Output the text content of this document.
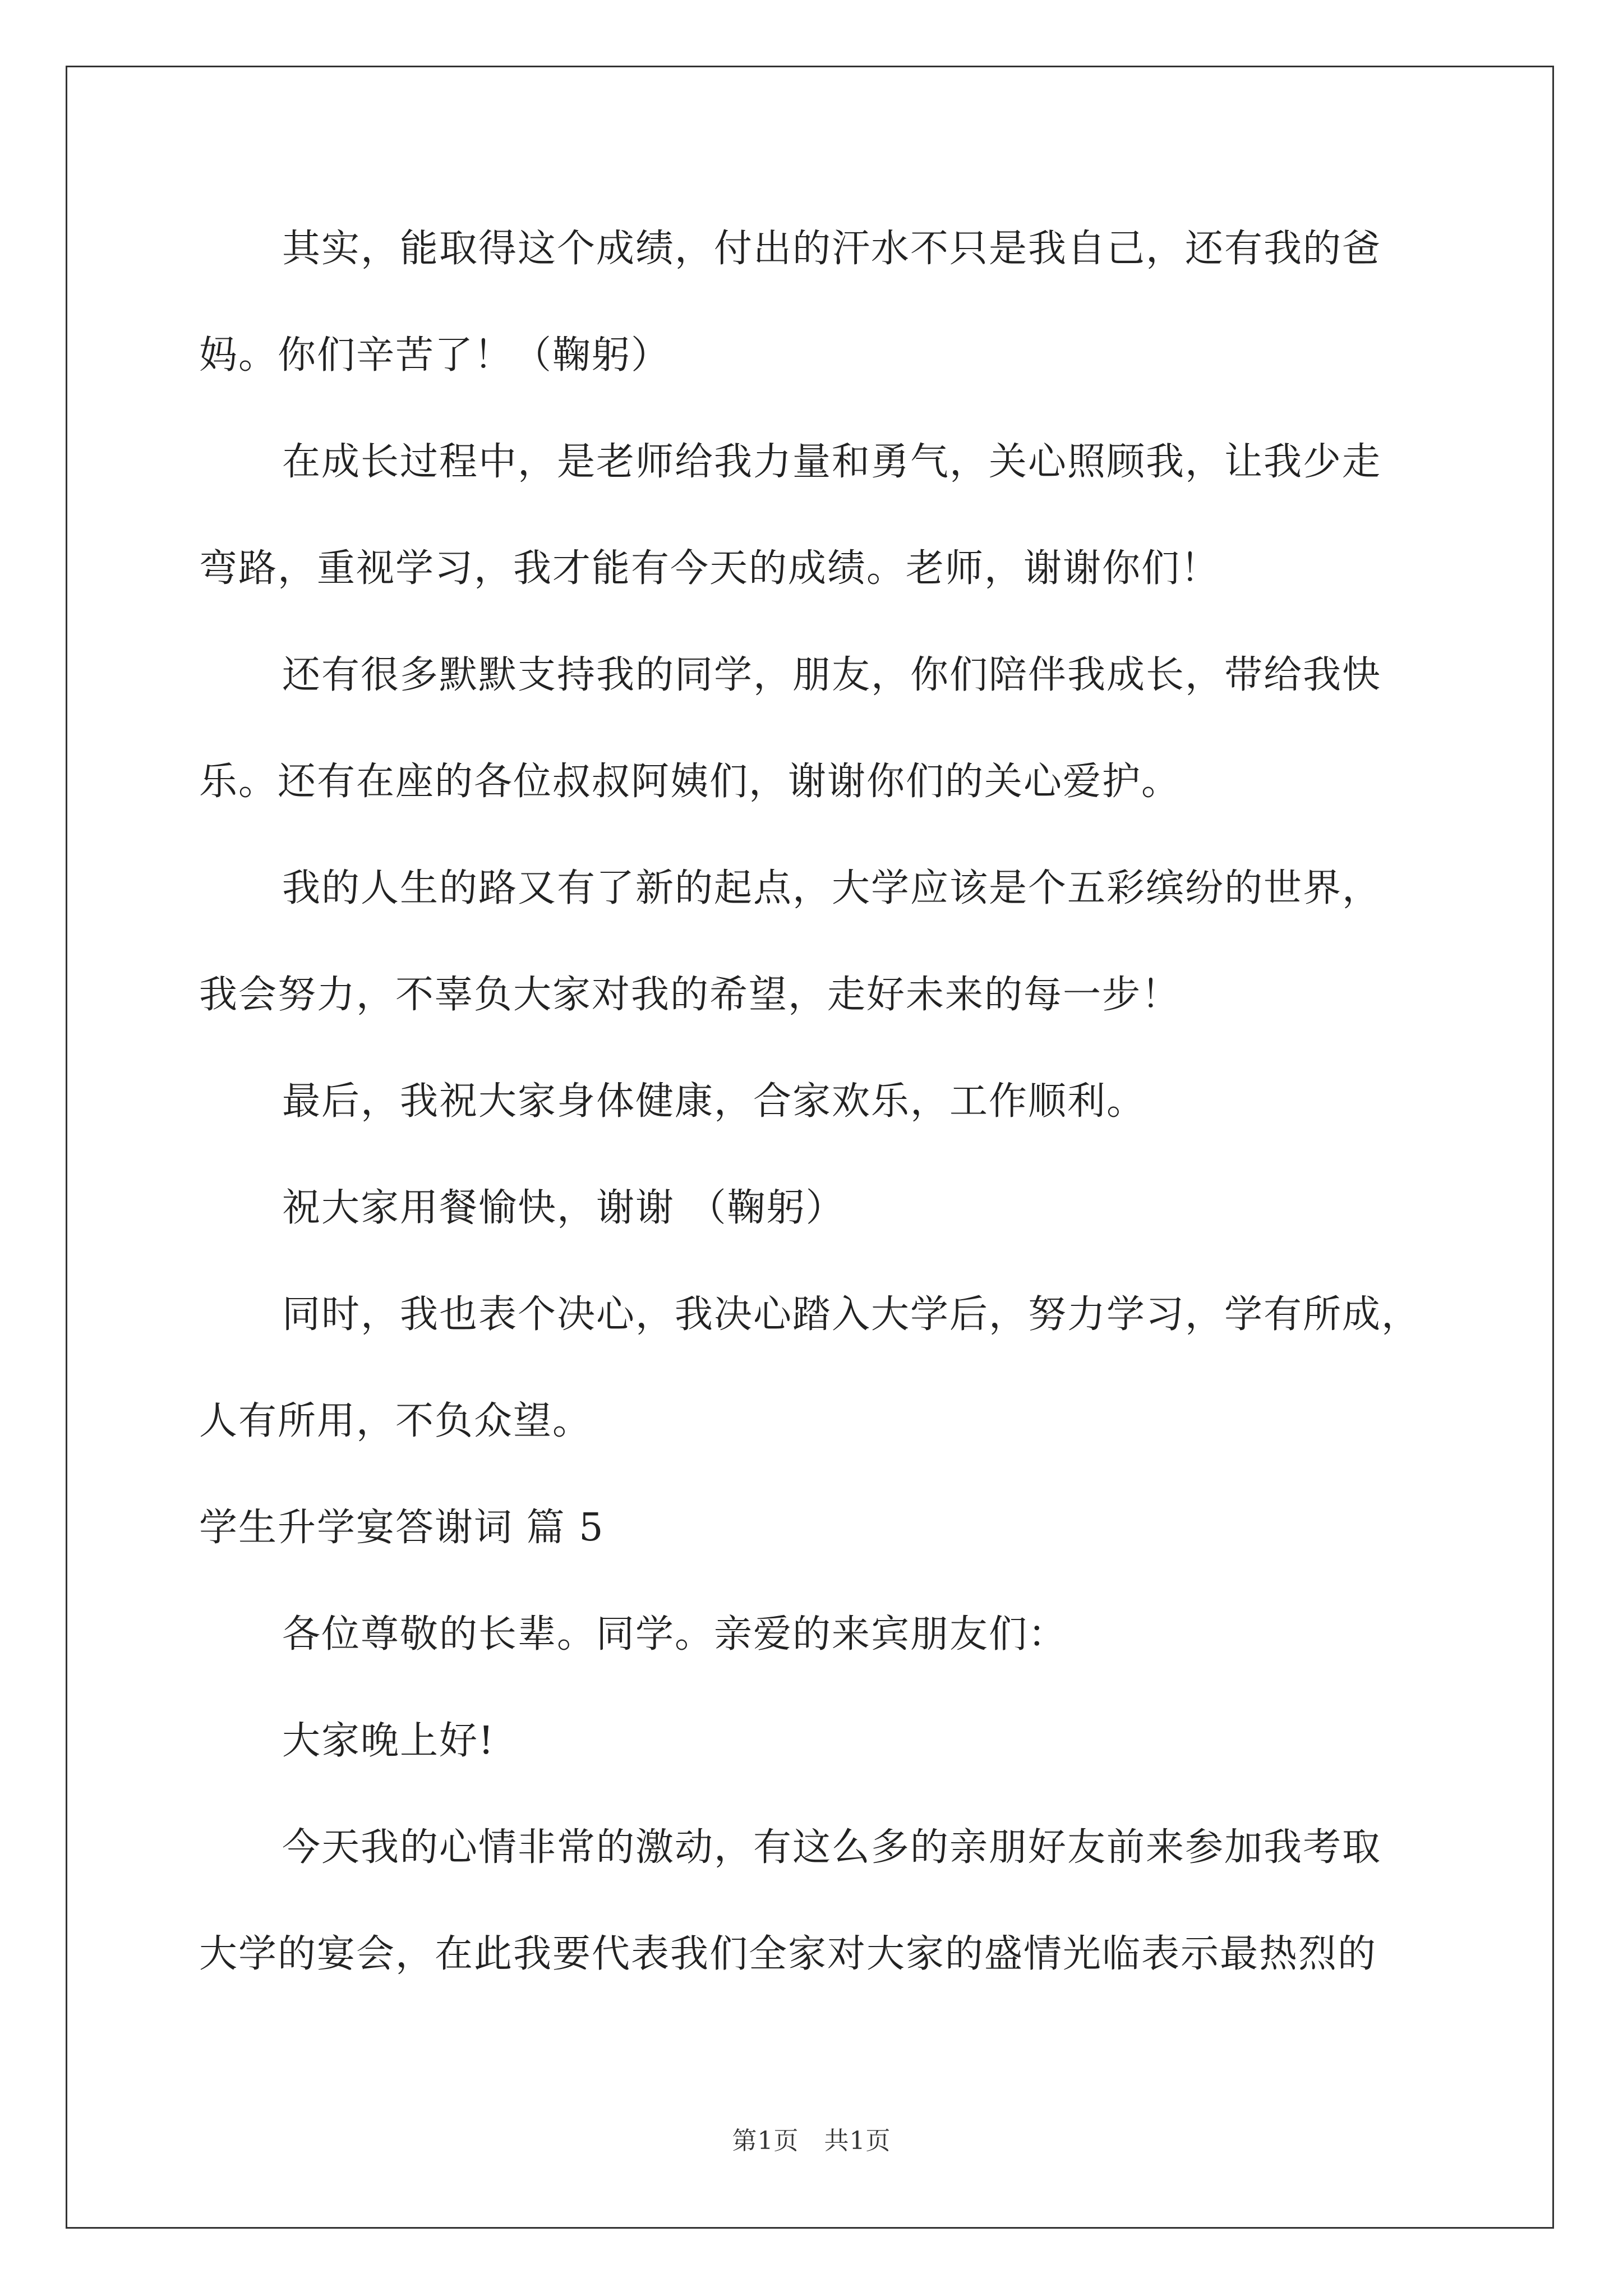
其实，能取得这个成绩，付出的汗水不只是我自己，还有我的爸
妈。你们辛苦了！（鞠躬）
在成长过程中，是老师给我力量和勇气，关心照顾我，让我少走
弯路，重视学习，我才能有今天的成绩。老师，谢谢你们！
还有很多默默支持我的同学，朋友，你们陪伴我成长，带给我快
乐。还有在座的各位叔叔阿姨们，谢谢你们的关心爱护。
我的人生的路又有了新的起点，大学应该是个五彩缤纷的世界，
我会努力，不辜负大家对我的希望，走好未来的每一步！
最后，我祝大家身体健康，合家欢乐，工作顺利。
祝大家用餐愉快，谢谢 （鞠躬）
同时，我也表个决心，我决心踏入大学后，努力学习，学有所成，
人有所用，不负众望。
学生升学宴答谢词 篇 5
各位尊敬的长辈。同学。亲爱的来宾朋友们：
大家晚上好!
今天我的心情非常的激动，有这么多的亲朋好友前来参加我考取
大学的宴会，在此我要代表我们全家对大家的盛情光临表示最热烈的
第1页　共1页
